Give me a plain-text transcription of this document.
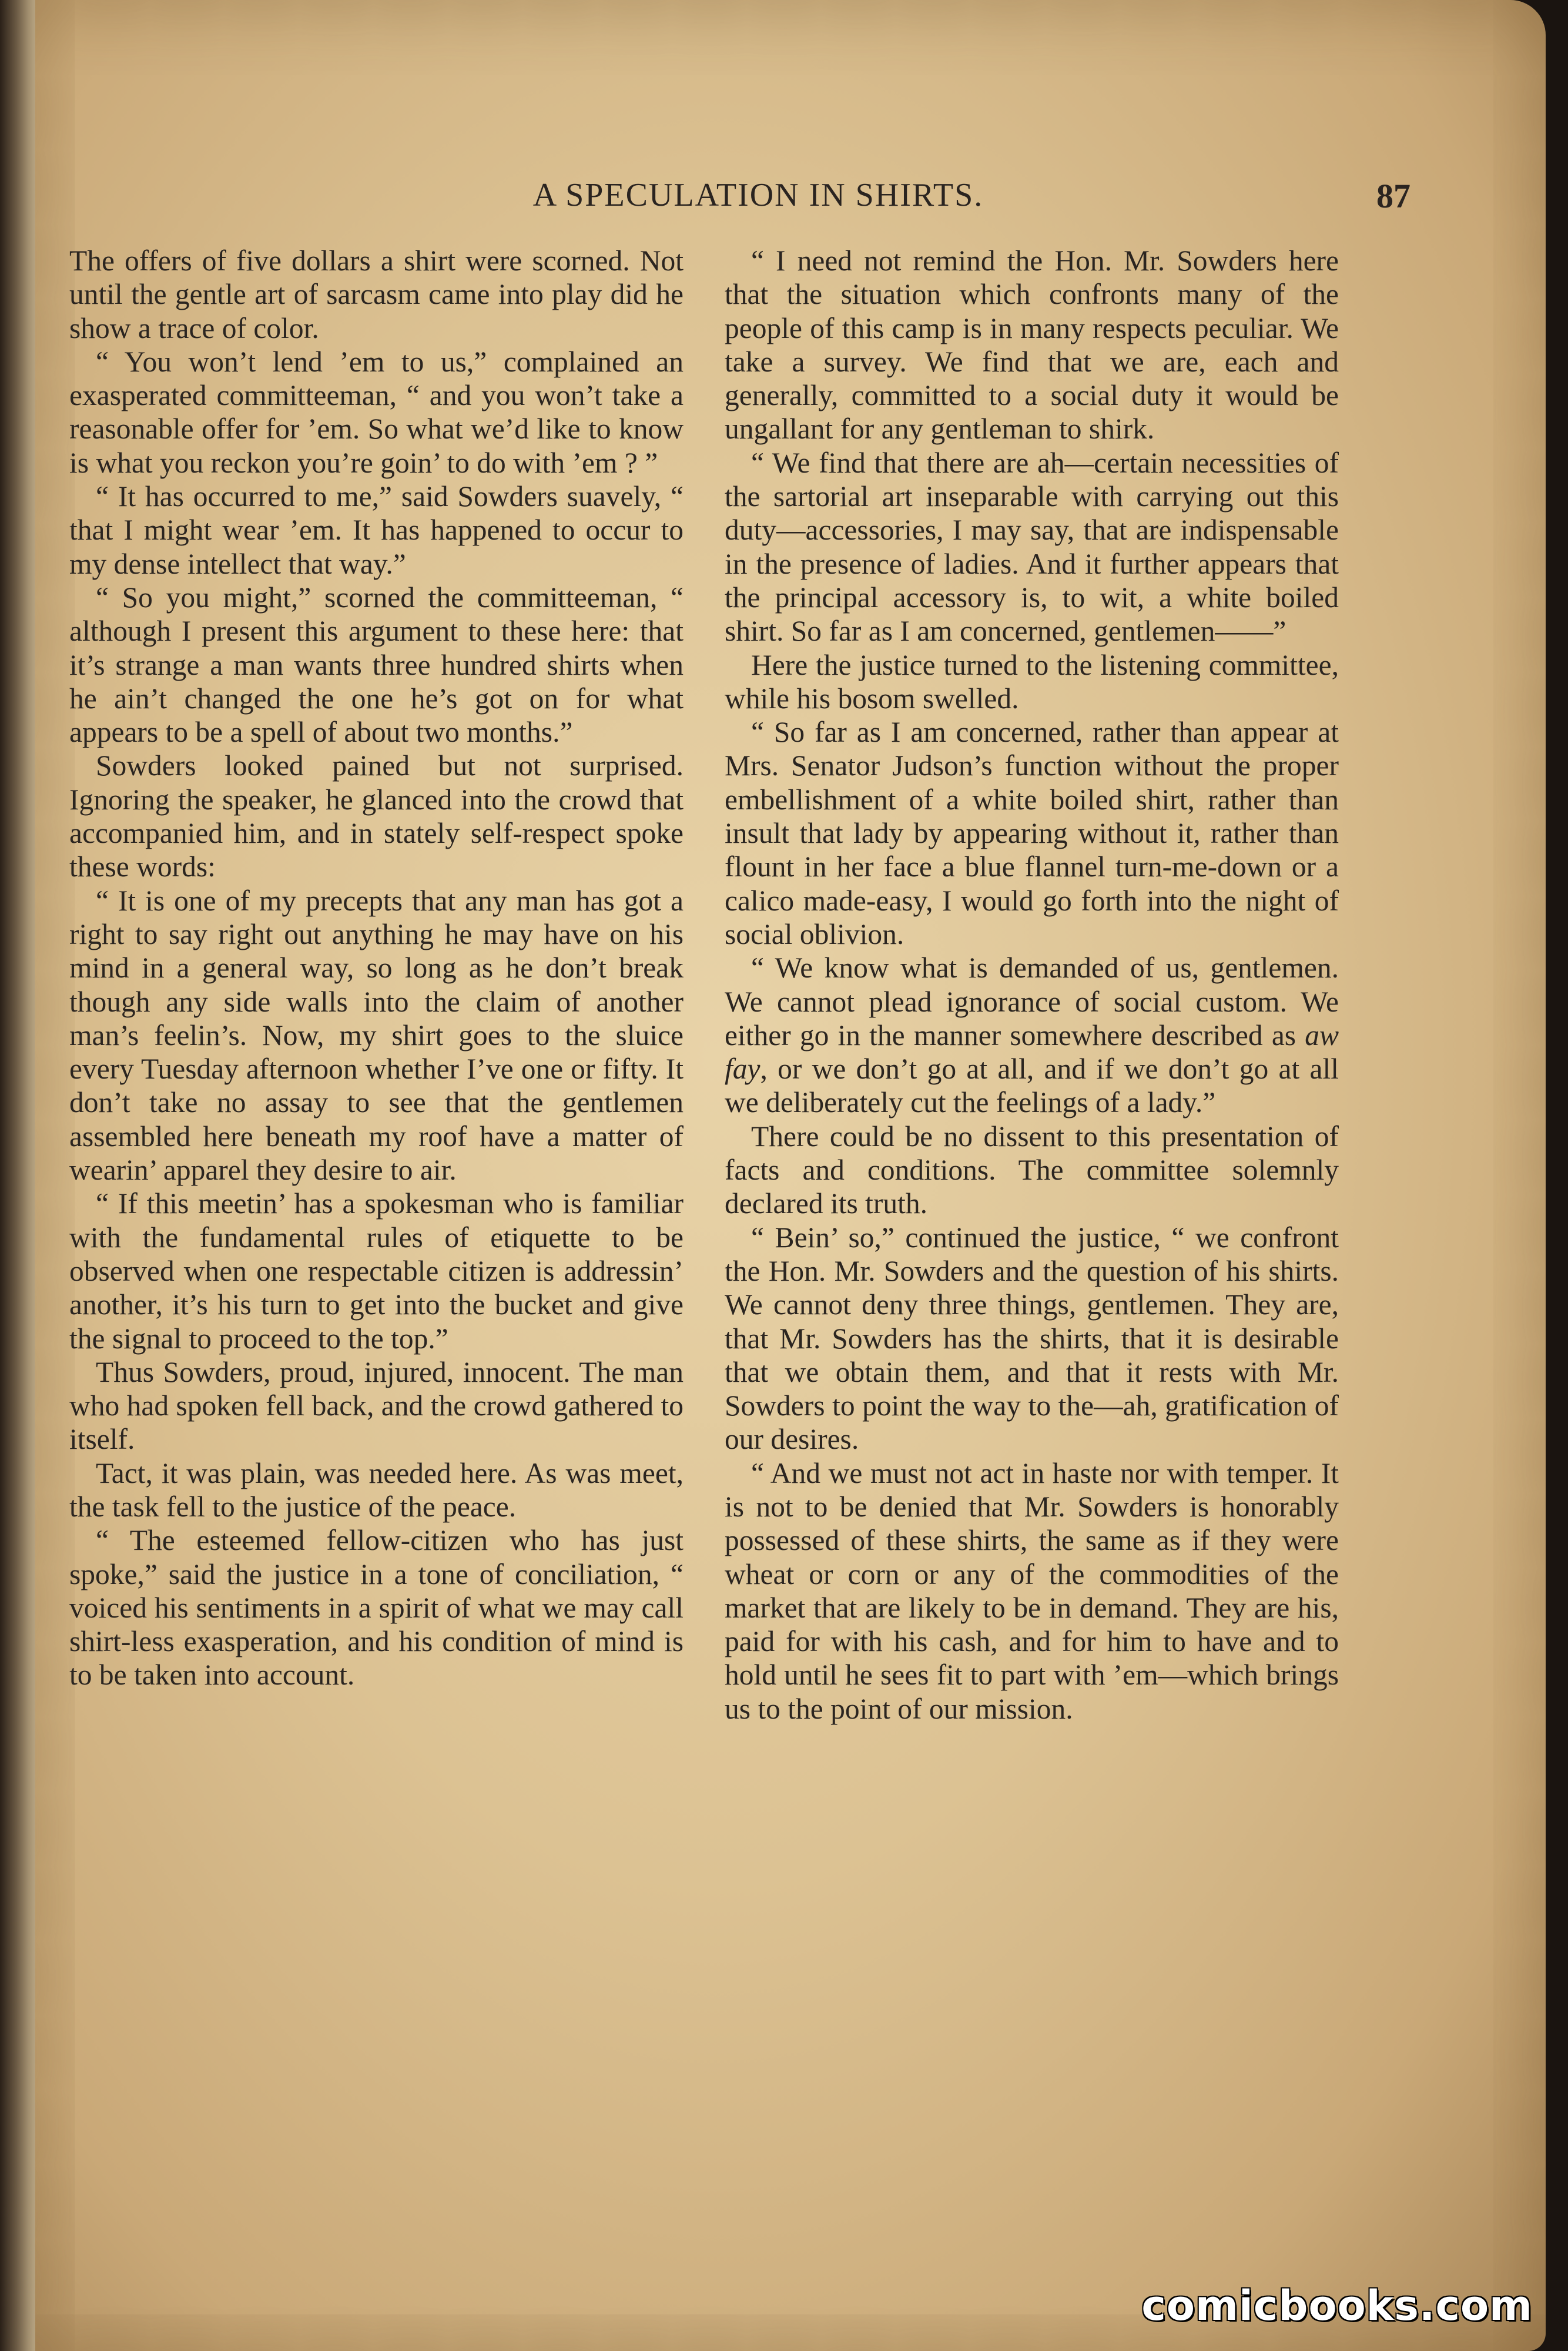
A SPECULATION IN SHIRTS.	87

The offers of five dollars a shirt were scorned. Not until the gentle art of sarcasm came into play did he show a trace of color.

“ You won’t lend ’em to us,” complained an exasperated committeeman, “ and you won’t take a reasonable offer for ’em. So what we’d like to know is what you reckon you’re goin’ to do with ’em ? ”

“ It has occurred to me,” said Sowders suavely, “ that I might wear ’em. It has happened to occur to my dense intellect that way.”

“ So you might,” scorned the committeeman, “ although I present this argument to these here: that it’s strange a man wants three hundred shirts when he ain’t changed the one he’s got on for what appears to be a spell of about two months.”

Sowders looked pained but not surprised. Ignoring the speaker, he glanced into the crowd that accompanied him, and in stately self-respect spoke these words:

“ It is one of my precepts that any man has got a right to say right out anything he may have on his mind in a general way, so long as he don’t break though any side walls into the claim of another man’s feelin’s. Now, my shirt goes to the sluice every Tuesday afternoon whether I’ve one or fifty. It don’t take no assay to see that the gentlemen assembled here beneath my roof have a matter of wearin’ apparel they desire to air.

“ If this meetin’ has a spokesman who is familiar with the fundamental rules of etiquette to be observed when one respectable citizen is addressin’ another, it’s his turn to get into the bucket and give the signal to proceed to the top.”

Thus Sowders, proud, injured, innocent. The man who had spoken fell back, and the crowd gathered to itself.

Tact, it was plain, was needed here. As was meet, the task fell to the justice of the peace.

“ The esteemed fellow-citizen who has just spoke,” said the justice in a tone of conciliation, “ voiced his sentiments in a spirit of what we may call shirt-less exasperation, and his condition of mind is to be taken into account.

“ I need not remind the Hon. Mr. Sowders here that the situation which confronts many of the people of this camp is in many respects peculiar. We take a survey. We find that we are, each and generally, committed to a social duty it would be ungallant for any gentleman to shirk.

“ We find that there are ah—certain necessities of the sartorial art inseparable with carrying out this duty—accessories, I may say, that are indispensable in the presence of ladies. And it further appears that the principal accessory is, to wit, a white boiled shirt. So far as I am concerned, gentlemen——”

Here the justice turned to the listening committee, while his bosom swelled.

“ So far as I am concerned, rather than appear at Mrs. Senator Judson’s function without the proper embellishment of a white boiled shirt, rather than insult that lady by appearing without it, rather than flount in her face a blue flannel turn-me-down or a calico made-easy, I would go forth into the night of social oblivion.

“ We know what is demanded of us, gentlemen. We cannot plead ignorance of social custom. We either go in the manner somewhere described as aw fay, or we don’t go at all, and if we don’t go at all we deliberately cut the feelings of a lady.”

There could be no dissent to this presentation of facts and conditions. The committee solemnly declared its truth.

“ Bein’ so,” continued the justice, “ we confront the Hon. Mr. Sowders and the question of his shirts. We cannot deny three things, gentlemen. They are, that Mr. Sowders has the shirts, that it is desirable that we obtain them, and that it rests with Mr. Sowders to point the way to the—ah, gratification of our desires.

“ And we must not act in haste nor with temper. It is not to be denied that Mr. Sowders is honorably possessed of these shirts, the same as if they were wheat or corn or any of the commodities of the market that are likely to be in demand. They are his, paid for with his cash, and for him to have and to hold until he sees fit to part with ’em—which brings us to the point of our mission.

comicbooks.com
